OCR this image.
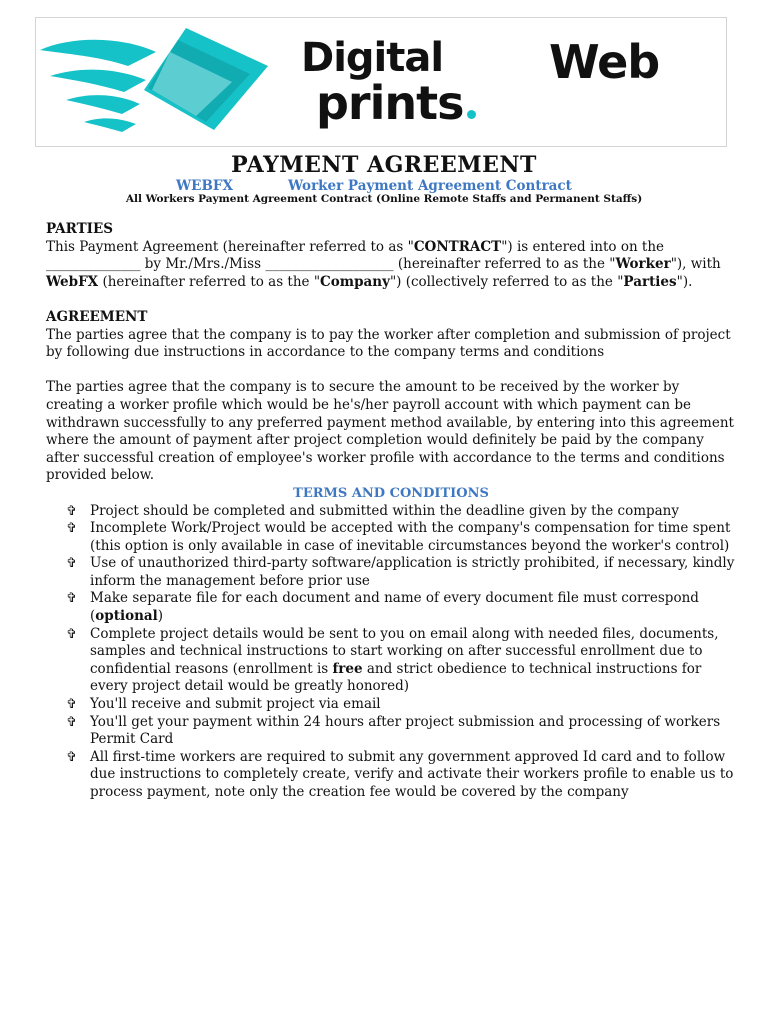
Digital Web
prints
PAYMENT AGREEMENT
WEBFX	Worker Payment Agreement Contract
All Workers Payment Agreement Contract (Online Remote Staffs and Permanent Staffs)

PARTIES

This Payment Agreement (hereinafter referred to as "CONTRACT") is entered into on the ______________ by Mr./Mrs./Miss ___________________ (hereinafter referred to as the "Worker"), with WebFX (hereinafter referred to as the "Company") (collectively referred to as the "Parties").

AGREEMENT

The parties agree that the company is to pay the worker after completion and submission of project by following due instructions in accordance to the company terms and conditions

The parties agree that the company is to secure the amount to be received by the worker by creating a worker profile which would be he's/her payroll account with which payment can be withdrawn successfully to any preferred payment method available, by entering into this agreement where the amount of payment after project completion would definitely be paid by the company after successful creation of employee's worker profile with accordance to the terms and conditions provided below.

TERMS AND CONDITIONS

✞ Project should be completed and submitted within the deadline given by the company
✞ Incomplete Work/Project would be accepted with the company's compensation for time spent (this option is only available in case of inevitable circumstances beyond the worker's control)
✞ Use of unauthorized third-party software/application is strictly prohibited, if necessary, kindly inform the management before prior use
✞ Make separate file for each document and name of every document file must correspond (optional)
✞ Complete project details would be sent to you on email along with needed files, documents, samples and technical instructions to start working on after successful enrollment due to confidential reasons (enrollment is free and strict obedience to technical instructions for every project detail would be greatly honored)
✞ You'll receive and submit project via email
✞ You'll get your payment within 24 hours after project submission and processing of workers Permit Card
✞ All first-time workers are required to submit any government approved Id card and to follow due instructions to completely create, verify and activate their workers profile to enable us to process payment, note only the creation fee would be covered by the company
